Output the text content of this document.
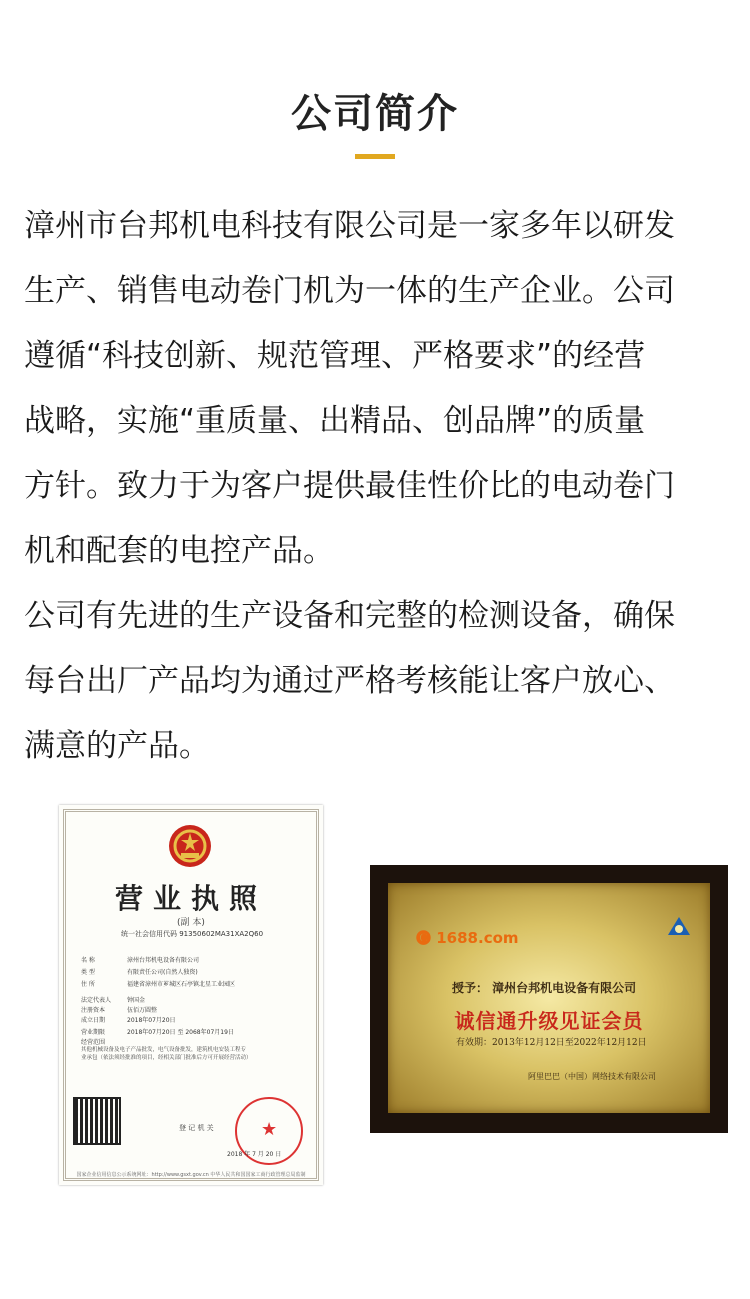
公司简介

漳州市台邦机电科技有限公司是一家多年以研发

生产、销售电动卷门机为一体的生产企业。公司

遵循“科技创新、规范管理、严格要求”的经营

战略，实施“重质量、出精品、创品牌”的质量

方针。致力于为客户提供最佳性价比的电动卷门

机和配套的电控产品。

公司有先进的生产设备和完整的检测设备，确保

每台出厂产品均为通过严格考核能让客户放心、

满意的产品。

营业执照
(副 本)
统一社会信用代码 91350602MA31XA2Q60
名 称	漳州台邦机电设备有限公司
类 型	有限责任公司(自然人独资)
住 所	福建省漳州市芗城区石亭镇北星工业园区
法定代表人	钟国金
注册资本	伍佰万圆整
成立日期	2018年07月20日
营业期限	2018年07月20日 至 2068年07月19日
经营范围
其他机械设备及电子产品批发，电气设备批发，建筑机电安装工程专业承包（依法须经批准的项目，经相关部门批准后方可开展经营活动）
登 记 机 关	★
2018 年 7 月 20 日
国家企业信用信息公示系统网址：http://www.gsxt.gov.cn 中华人民共和国国家工商行政管理总局监制
🅒 1688.com
授予： 漳州台邦机电设备有限公司
诚信通升级见证会员
有效期：2013年12月12日至2022年12月12日
阿里巴巴（中国）网络技术有限公司
